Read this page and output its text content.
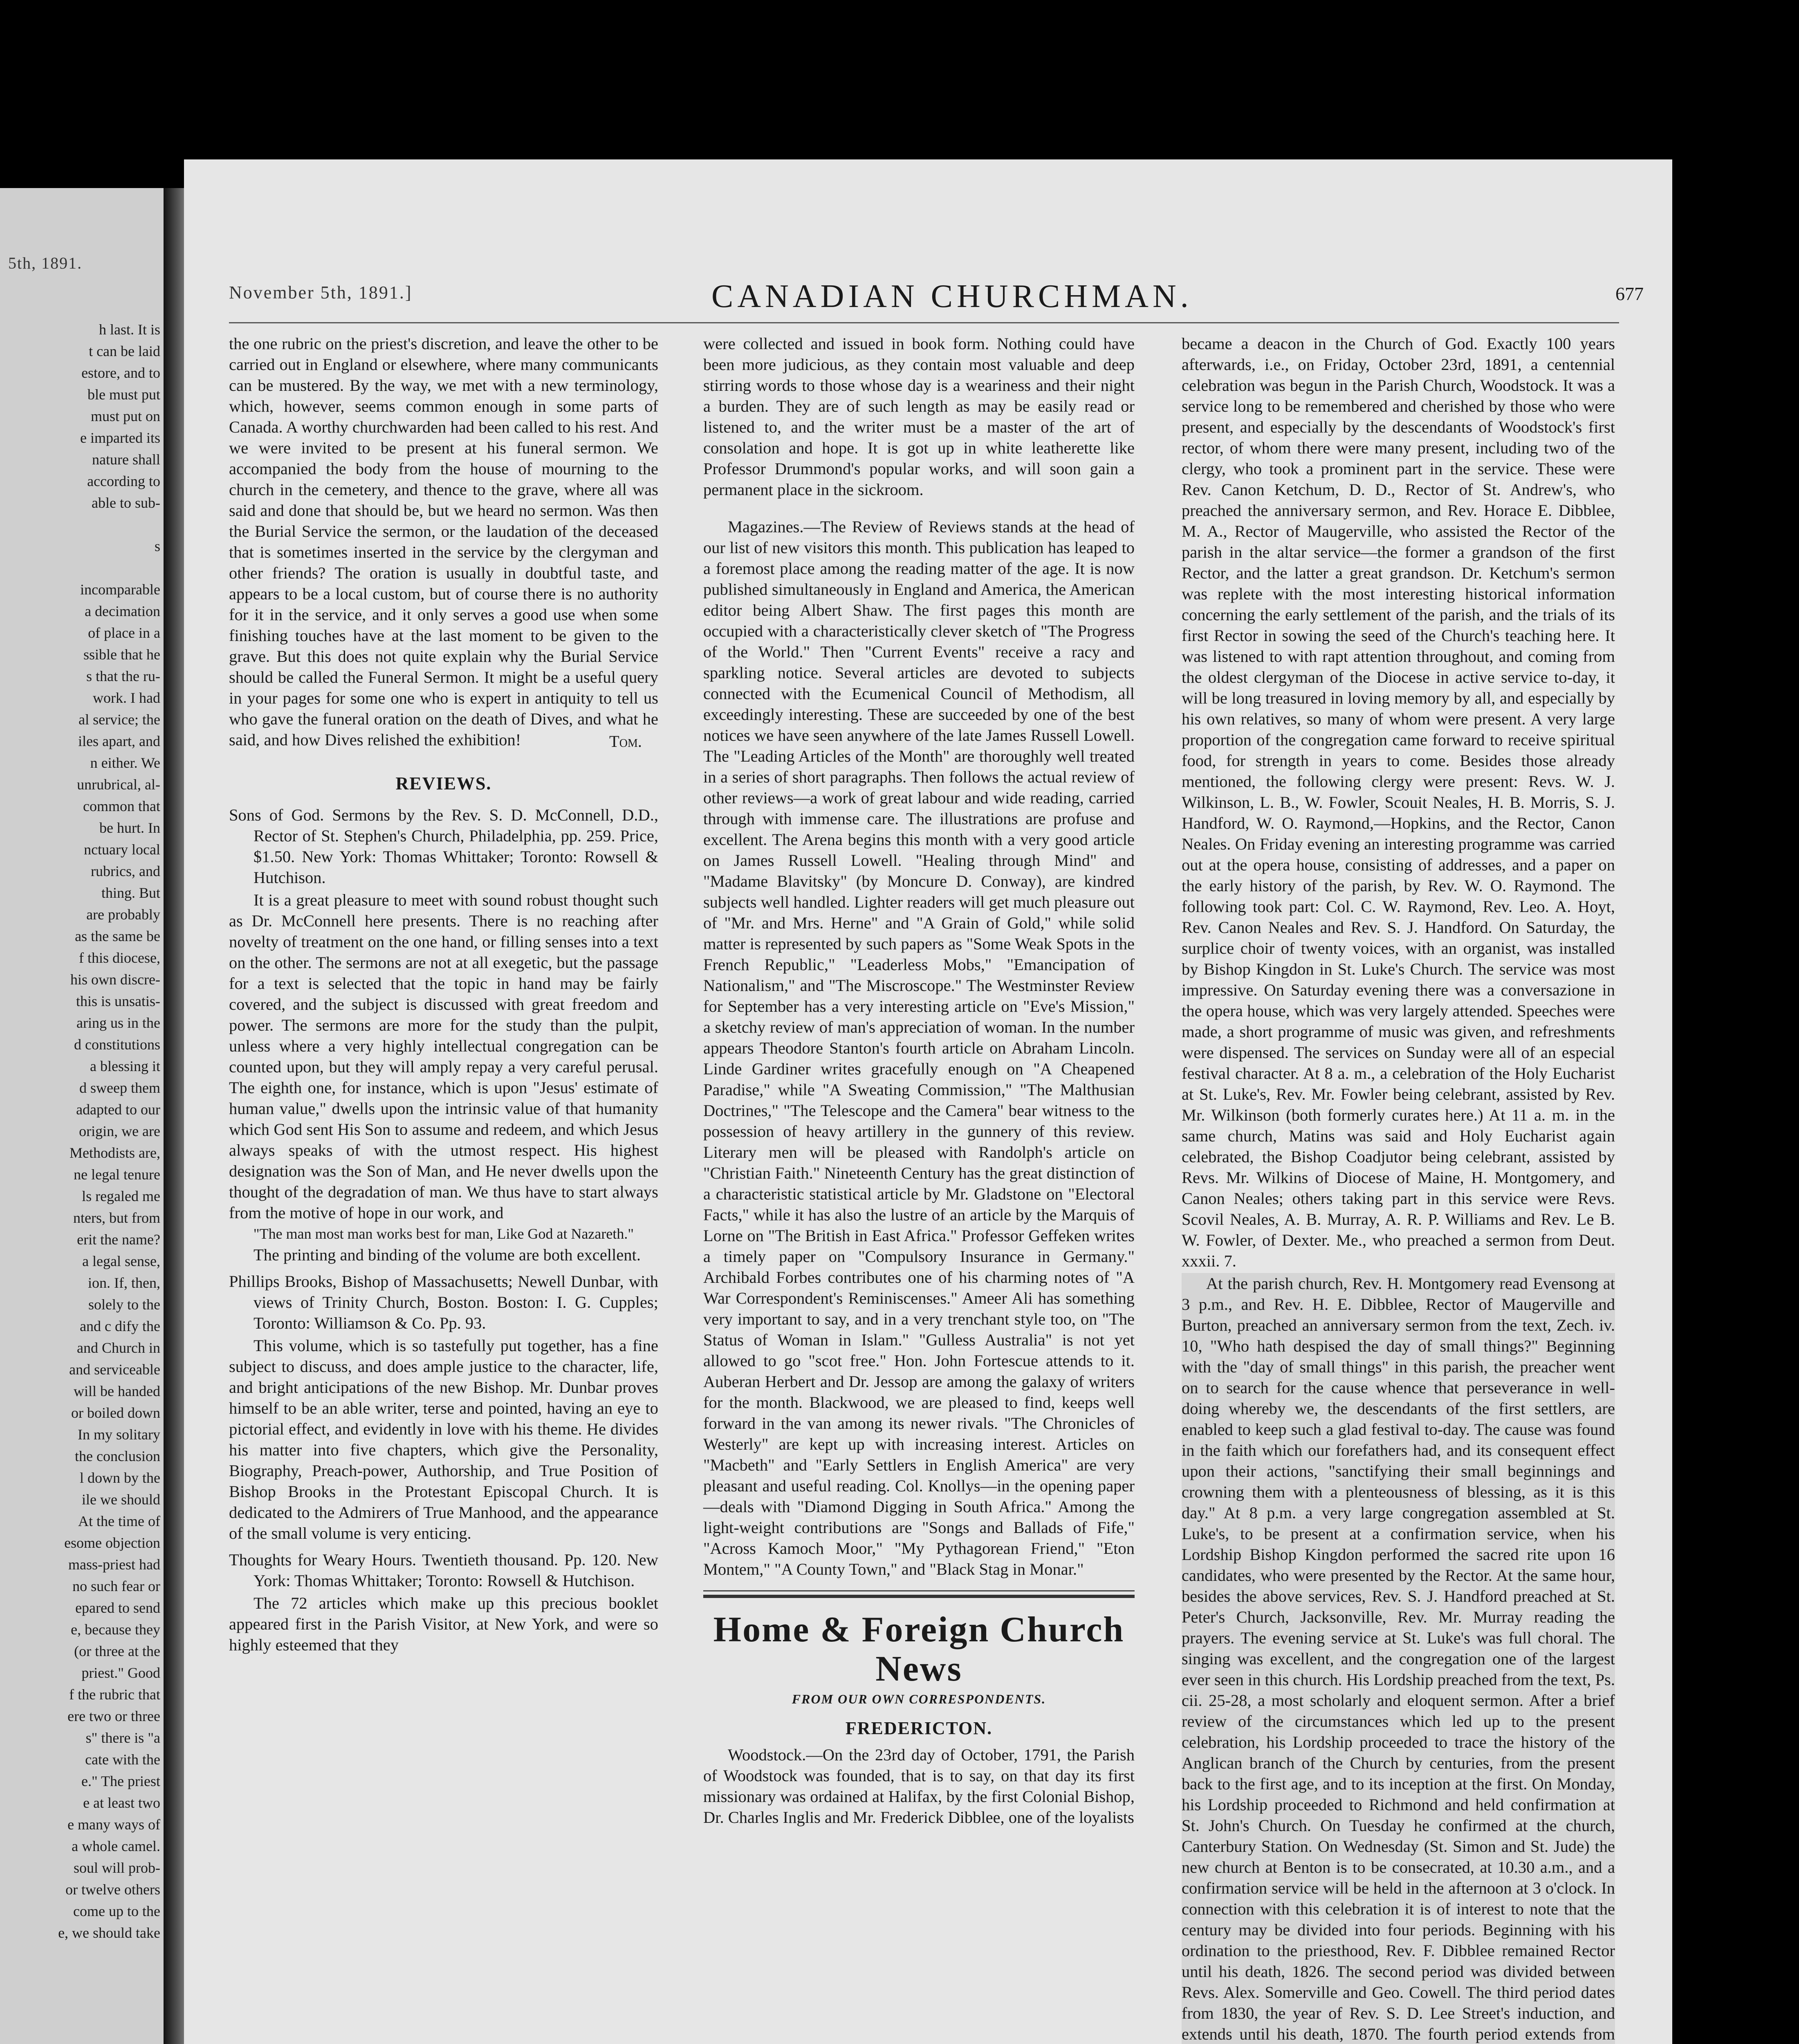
5th, 1891.
h last. It is
t can be laid
estore, and to
ble must put
must put on
e imparted its
nature shall
according to
able to sub-

s

incomparable
a decimation
of place in a
ssible that he
s that the ru-
work. I had
al service; the
iles apart, and
n either. We
unrubrical, al-
common that
be hurt. In
nctuary local
rubrics, and
thing. But
are probably
as the same be
f this diocese,
his own discre-
this is unsatis-
aring us in the
d constitutions
a blessing it
d sweep them
adapted to our
origin, we are
Methodists are,
ne legal tenure
ls regaled me
nters, but from
erit the name?
a legal sense,
ion. If, then,
solely to the
and c dify the
and Church in
and serviceable
will be handed
or boiled down
In my solitary
the conclusion
l down by the
ile we should
At the time of
esome objection
mass-priest had
no such fear or
epared to send
e, because they
(or three at the
priest." Good
f the rubric that
ere two or three
s" there is "a
cate with the
e." The priest
e at least two
e many ways of
a whole camel.
soul will prob-
or twelve others
come up to the
e, we should take
November 5th, 1891.]	CANADIAN CHURCHMAN.	677

the one rubric on the priest's discretion, and leave the other to be carried out in England or elsewhere, where many communicants can be mustered. By the way, we met with a new terminology, which, however, seems common enough in some parts of Canada. A worthy churchwarden had been called to his rest. And we were invited to be present at his funeral sermon. We accompanied the body from the house of mourning to the church in the cemetery, and thence to the grave, where all was said and done that should be, but we heard no sermon. Was then the Burial Service the sermon, or the laudation of the deceased that is sometimes inserted in the service by the clergyman and other friends? The oration is usually in doubtful taste, and appears to be a local custom, but of course there is no authority for it in the service, and it only serves a good use when some finishing touches have at the last moment to be given to the grave. But this does not quite explain why the Burial Service should be called the Funeral Sermon. It might be a useful query in your pages for some one who is expert in antiquity to tell us who gave the funeral oration on the death of Dives, and what he said, and how Dives relished the exhibition!	Tom.
REVIEWS.

Sons of God. Sermons by the Rev. S. D. McConnell, D.D., Rector of St. Stephen's Church, Philadelphia, pp. 259. Price, $1.50. New York: Thomas Whittaker; Toronto: Rowsell & Hutchison.

It is a great pleasure to meet with sound robust thought such as Dr. McConnell here presents. There is no reaching after novelty of treatment on the one hand, or filling senses into a text on the other. The sermons are not at all exegetic, but the passage for a text is selected that the topic in hand may be fairly covered, and the subject is discussed with great freedom and power. The sermons are more for the study than the pulpit, unless where a very highly intellectual congregation can be counted upon, but they will amply repay a very careful perusal. The eighth one, for instance, which is upon "Jesus' estimate of human value," dwells upon the intrinsic value of that humanity which God sent His Son to assume and redeem, and which Jesus always speaks of with the utmost respect. His highest designation was the Son of Man, and He never dwells upon the thought of the degradation of man. We thus have to start always from the motive of hope in our work, and

"The man most man works best for man, Like God at Nazareth."

The printing and binding of the volume are both excellent.

Phillips Brooks, Bishop of Massachusetts; Newell Dunbar, with views of Trinity Church, Boston. Boston: I. G. Cupples; Toronto: Williamson & Co. Pp. 93.

This volume, which is so tastefully put together, has a fine subject to discuss, and does ample justice to the character, life, and bright anticipations of the new Bishop. Mr. Dunbar proves himself to be an able writer, terse and pointed, having an eye to pictorial effect, and evidently in love with his theme. He divides his matter into five chapters, which give the Personality, Biography, Preach-power, Authorship, and True Position of Bishop Brooks in the Protestant Episcopal Church. It is dedicated to the Admirers of True Manhood, and the appearance of the small volume is very enticing.

Thoughts for Weary Hours. Twentieth thousand. Pp. 120. New York: Thomas Whittaker; Toronto: Rowsell & Hutchison.

The 72 articles which make up this precious booklet appeared first in the Parish Visitor, at New York, and were so highly esteemed that they

were collected and issued in book form. Nothing could have been more judicious, as they contain most valuable and deep stirring words to those whose day is a weariness and their night a burden. They are of such length as may be easily read or listened to, and the writer must be a master of the art of consolation and hope. It is got up in white leatherette like Professor Drummond's popular works, and will soon gain a permanent place in the sickroom.

Magazines.—The Review of Reviews stands at the head of our list of new visitors this month. This publication has leaped to a foremost place among the reading matter of the age. It is now published simultaneously in England and America, the American editor being Albert Shaw. The first pages this month are occupied with a characteristically clever sketch of "The Progress of the World." Then "Current Events" receive a racy and sparkling notice. Several articles are devoted to subjects connected with the Ecumenical Council of Methodism, all exceedingly interesting. These are succeeded by one of the best notices we have seen anywhere of the late James Russell Lowell. The "Leading Articles of the Month" are thoroughly well treated in a series of short paragraphs. Then follows the actual review of other reviews—a work of great labour and wide reading, carried through with immense care. The illustrations are profuse and excellent. The Arena begins this month with a very good article on James Russell Lowell. "Healing through Mind" and "Madame Blavitsky" (by Moncure D. Conway), are kindred subjects well handled. Lighter readers will get much pleasure out of "Mr. and Mrs. Herne" and "A Grain of Gold," while solid matter is represented by such papers as "Some Weak Spots in the French Republic," "Leaderless Mobs," "Emancipation of Nationalism," and "The Miscroscope." The Westminster Review for September has a very interesting article on "Eve's Mission," a sketchy review of man's appreciation of woman. In the number appears Theodore Stanton's fourth article on Abraham Lincoln. Linde Gardiner writes gracefully enough on "A Cheapened Paradise," while "A Sweating Commission," "The Malthusian Doctrines," "The Telescope and the Camera" bear witness to the possession of heavy artillery in the gunnery of this review. Literary men will be pleased with Randolph's article on "Christian Faith." Nineteenth Century has the great distinction of a characteristic statistical article by Mr. Gladstone on "Electoral Facts," while it has also the lustre of an article by the Marquis of Lorne on "The British in East Africa." Professor Geffeken writes a timely paper on "Compulsory Insurance in Germany." Archibald Forbes contributes one of his charming notes of "A War Correspondent's Reminiscenses." Ameer Ali has something very important to say, and in a very trenchant style too, on "The Status of Woman in Islam." "Gulless Australia" is not yet allowed to go "scot free." Hon. John Fortescue attends to it. Auberan Herbert and Dr. Jessop are among the galaxy of writers for the month. Blackwood, we are pleased to find, keeps well forward in the van among its newer rivals. "The Chronicles of Westerly" are kept up with increasing interest. Articles on "Macbeth" and "Early Settlers in English America" are very pleasant and useful reading. Col. Knollys—in the opening paper—deals with "Diamond Digging in South Africa." Among the light-weight contributions are "Songs and Ballads of Fife," "Across Kamoch Moor," "My Pythagorean Friend," "Eton Montem," "A County Town," and "Black Stag in Monar."

Home & Foreign Church News

FROM OUR OWN CORRESPONDENTS.

FREDERICTON.

Woodstock.—On the 23rd day of October, 1791, the Parish of Woodstock was founded, that is to say, on that day its first missionary was ordained at Halifax, by the first Colonial Bishop, Dr. Charles Inglis and Mr. Frederick Dibblee, one of the loyalists

became a deacon in the Church of God. Exactly 100 years afterwards, i.e., on Friday, October 23rd, 1891, a centennial celebration was begun in the Parish Church, Woodstock. It was a service long to be remembered and cherished by those who were present, and especially by the descendants of Woodstock's first rector, of whom there were many present, including two of the clergy, who took a prominent part in the service. These were Rev. Canon Ketchum, D. D., Rector of St. Andrew's, who preached the anniversary sermon, and Rev. Horace E. Dibblee, M. A., Rector of Maugerville, who assisted the Rector of the parish in the altar service—the former a grandson of the first Rector, and the latter a great grandson. Dr. Ketchum's sermon was replete with the most interesting historical information concerning the early settlement of the parish, and the trials of its first Rector in sowing the seed of the Church's teaching here. It was listened to with rapt attention throughout, and coming from the oldest clergyman of the Diocese in active service to-day, it will be long treasured in loving memory by all, and especially by his own relatives, so many of whom were present. A very large proportion of the congregation came forward to receive spiritual food, for strength in years to come. Besides those already mentioned, the following clergy were present: Revs. W. J. Wilkinson, L. B., W. Fowler, Scouit Neales, H. B. Morris, S. J. Handford, W. O. Raymond,—Hopkins, and the Rector, Canon Neales. On Friday evening an interesting programme was carried out at the opera house, consisting of addresses, and a paper on the early history of the parish, by Rev. W. O. Raymond. The following took part: Col. C. W. Raymond, Rev. Leo. A. Hoyt, Rev. Canon Neales and Rev. S. J. Handford. On Saturday, the surplice choir of twenty voices, with an organist, was installed by Bishop Kingdon in St. Luke's Church. The service was most impressive. On Saturday evening there was a conversazione in the opera house, which was very largely attended. Speeches were made, a short programme of music was given, and refreshments were dispensed. The services on Sunday were all of an especial festival character. At 8 a. m., a celebration of the Holy Eucharist at St. Luke's, Rev. Mr. Fowler being celebrant, assisted by Rev. Mr. Wilkinson (both formerly curates here.) At 11 a. m. in the same church, Matins was said and Holy Eucharist again celebrated, the Bishop Coadjutor being celebrant, assisted by Revs. Mr. Wilkins of Diocese of Maine, H. Montgomery, and Canon Neales; others taking part in this service were Revs. Scovil Neales, A. B. Murray, A. R. P. Williams and Rev. Le B. W. Fowler, of Dexter. Me., who preached a sermon from Deut. xxxii. 7.

At the parish church, Rev. H. Montgomery read Evensong at 3 p.m., and Rev. H. E. Dibblee, Rector of Maugerville and Burton, preached an anniversary sermon from the text, Zech. iv. 10, "Who hath despised the day of small things?" Beginning with the "day of small things" in this parish, the preacher went on to search for the cause whence that perseverance in well-doing whereby we, the descendants of the first settlers, are enabled to keep such a glad festival to-day. The cause was found in the faith which our forefathers had, and its consequent effect upon their actions, "sanctifying their small beginnings and crowning them with a plenteousness of blessing, as it is this day." At 8 p.m. a very large congregation assembled at St. Luke's, to be present at a confirmation service, when his Lordship Bishop Kingdon performed the sacred rite upon 16 candidates, who were presented by the Rector. At the same hour, besides the above services, Rev. S. J. Handford preached at St. Peter's Church, Jacksonville, Rev. Mr. Murray reading the prayers. The evening service at St. Luke's was full choral. The singing was excellent, and the congregation one of the largest ever seen in this church. His Lordship preached from the text, Ps. cii. 25-28, a most scholarly and eloquent sermon. After a brief review of the circumstances which led up to the present celebration, his Lordship proceeded to trace the history of the Anglican branch of the Church by centuries, from the present back to the first age, and to its inception at the first. On Monday, his Lordship proceeded to Richmond and held confirmation at St. John's Church. On Tuesday he confirmed at the church, Canterbury Station. On Wednesday (St. Simon and St. Jude) the new church at Benton is to be consecrated, at 10.30 a.m., and a confirmation service will be held in the afternoon at 3 o'clock. In connection with this celebration it is of interest to note that the century may be divided into four periods. Beginning with his ordination to the priesthood, Rev. F. Dibblee remained Rector until his death, 1826. The second period was divided between Revs. Alex. Somerville and Geo. Cowell. The third period dates from 1830, the year of Rev. S. D. Lee Street's induction, and extends until his death, 1870. The fourth period extends from
